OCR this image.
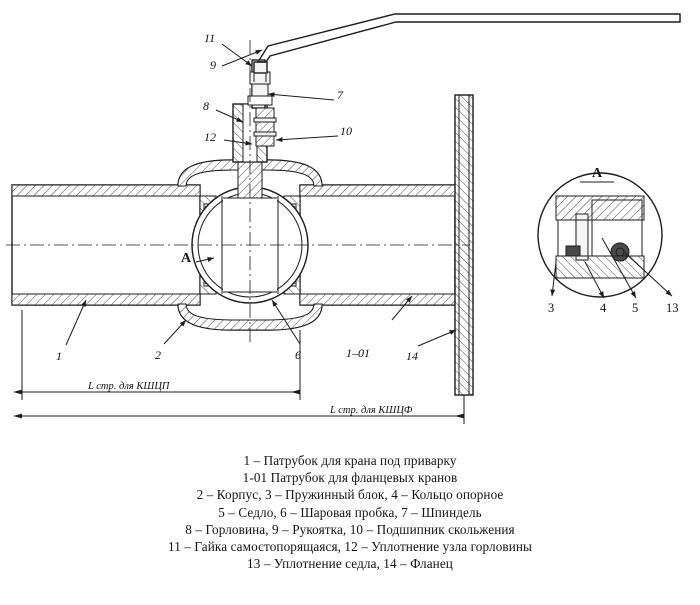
А
3	4 5 13
11
9
8
12
7
10
1	2	6	1–01	14
А
L стр. для КШЦП
L стр. для КШЦФ
1 – Патрубок для крана под приварку
1-01 Патрубок для фланцевых кранов
2 – Корпус, 3 – Пружинный блок, 4 – Кольцо опорное
5 – Седло, 6 – Шаровая пробка, 7 – Шпиндель
8 – Горловина, 9 – Рукоятка, 10 – Подшипник скольжения
11 – Гайка самостопорящаяся, 12 – Уплотнение узла горловины
13 – Уплотнение седла, 14 – Фланец
